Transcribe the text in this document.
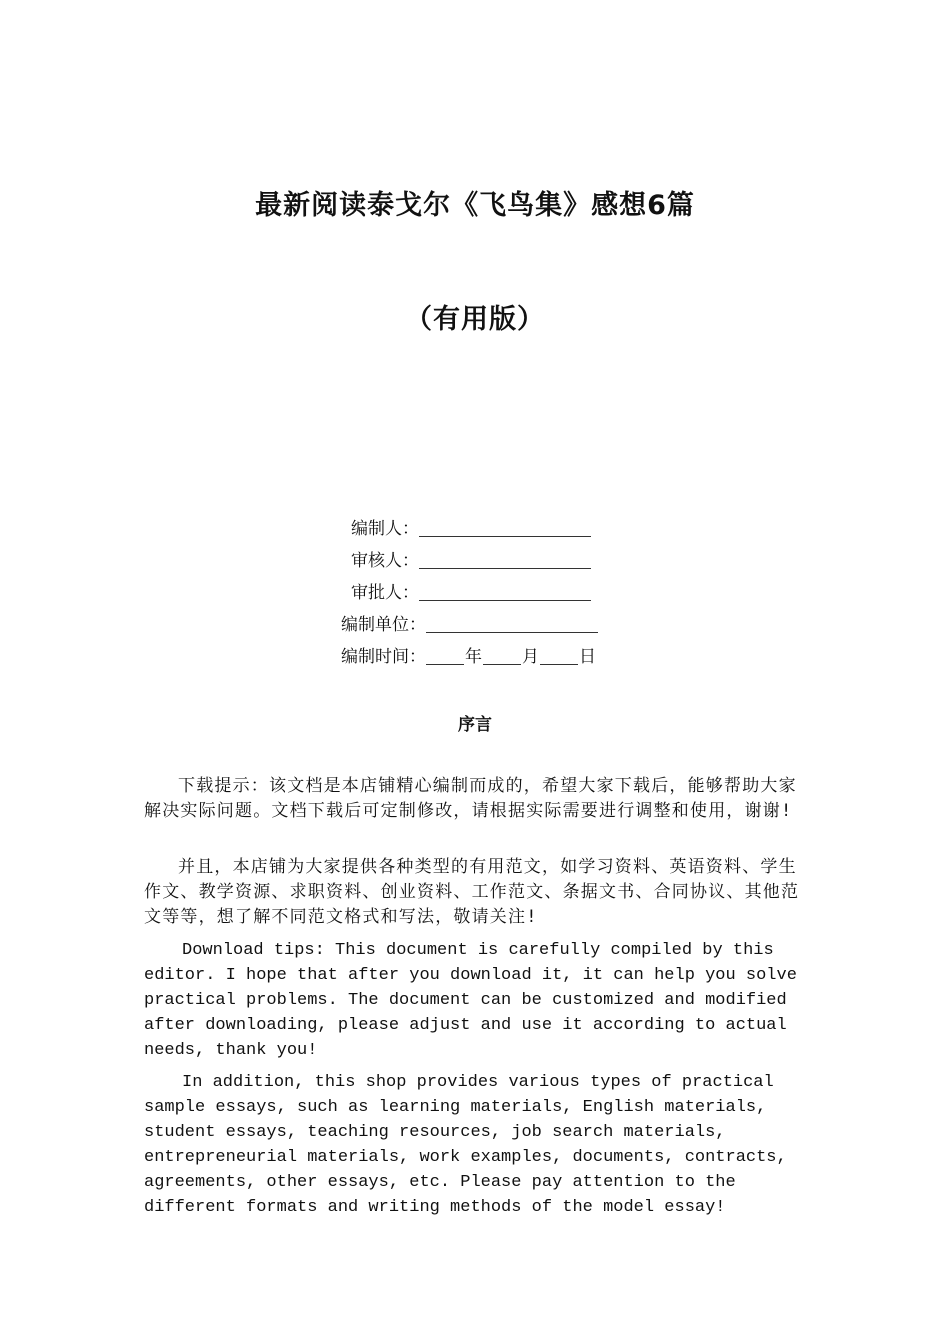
最新阅读泰戈尔《飞鸟集》感想6篇
（有用版）
编制人：
审核人：
审批人：
编制单位：
编制时间： 年 月 日
序言

下载提示：该文档是本店铺精心编制而成的，希望大家下载后，能够帮助大家解决实际问题。文档下载后可定制修改，请根据实际需要进行调整和使用，谢谢!

并且，本店铺为大家提供各种类型的有用范文，如学习资料、英语资料、学生作文、教学资源、求职资料、创业资料、工作范文、条据文书、合同协议、其他范文等等，想了解不同范文格式和写法，敬请关注!

Download tips: This document is carefully compiled by this editor. I hope that after you download it, it can help you solve practical problems. The document can be customized and modified after downloading, please adjust and use it according to actual needs, thank you!

In addition, this shop provides various types of practical sample essays, such as learning materials, English materials, student essays, teaching resources, job search materials, entrepreneurial materials, work examples, documents, contracts, agreements, other essays, etc. Please pay attention to the different formats and writing methods of the model essay!
